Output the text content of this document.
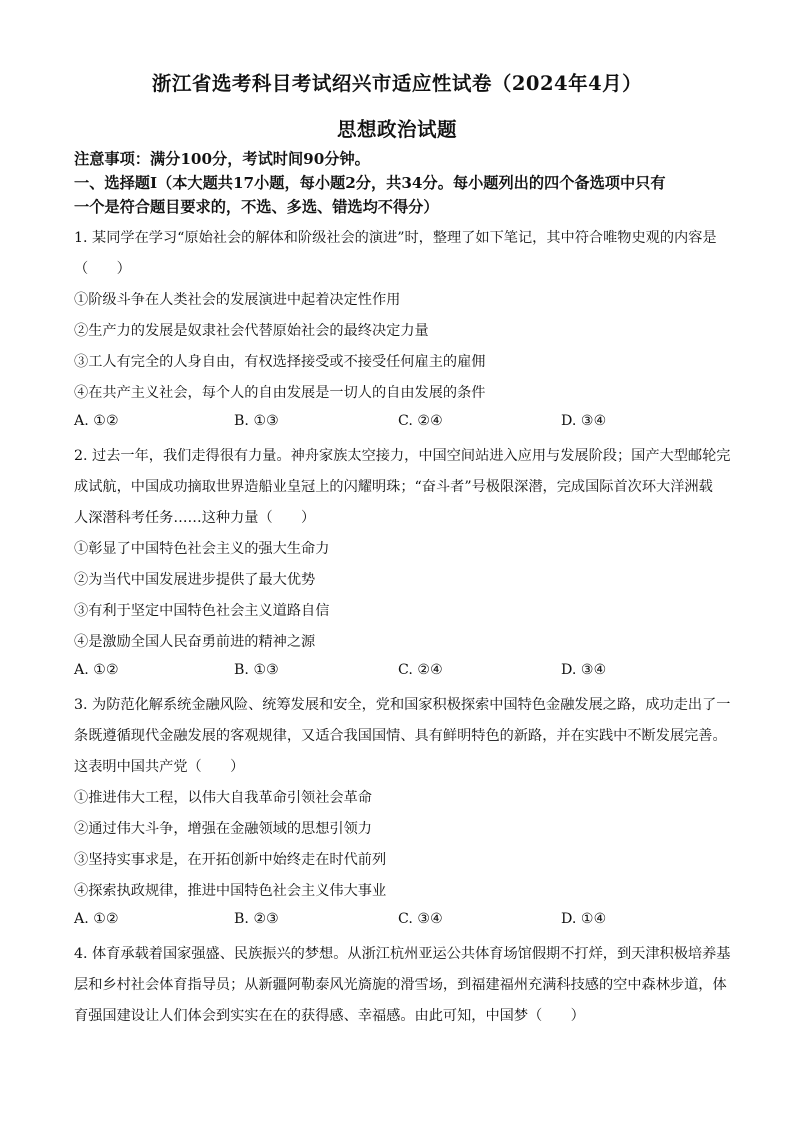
浙江省选考科目考试绍兴市适应性试卷（2024年4月）
思想政治试题
注意事项：满分100分，考试时间90分钟。
一、选择题Ⅰ（本大题共17小题，每小题2分，共34分。每小题列出的四个备选项中只有
一个是符合题目要求的，不选、多选、错选均不得分）
1. 某同学在学习“原始社会的解体和阶级社会的演进”时，整理了如下笔记，其中符合唯物史观的内容是
（　　）
①阶级斗争在人类社会的发展演进中起着决定性作用
②生产力的发展是奴隶社会代替原始社会的最终决定力量
③工人有完全的人身自由，有权选择接受或不接受任何雇主的雇佣
④在共产主义社会，每个人的自由发展是一切人的自由发展的条件
A. ①②	B. ①③	C. ②④	D. ③④
2. 过去一年，我们走得很有力量。神舟家族太空接力，中国空间站进入应用与发展阶段；国产大型邮轮完
成试航，中国成功摘取世界造船业皇冠上的闪耀明珠；“奋斗者”号极限深潜，完成国际首次环大洋洲载
人深潜科考任务……这种力量（　　）
①彰显了中国特色社会主义的强大生命力
②为当代中国发展进步提供了最大优势
③有利于坚定中国特色社会主义道路自信
④是激励全国人民奋勇前进的精神之源
A. ①②	B. ①③	C. ②④	D. ③④
3. 为防范化解系统金融风险、统筹发展和安全，党和国家积极探索中国特色金融发展之路，成功走出了一
条既遵循现代金融发展的客观规律，又适合我国国情、具有鲜明特色的新路，并在实践中不断发展完善。
这表明中国共产党（　　）
①推进伟大工程，以伟大自我革命引领社会革命
②通过伟大斗争，增强在金融领域的思想引领力
③坚持实事求是，在开拓创新中始终走在时代前列
④探索执政规律，推进中国特色社会主义伟大事业
A. ①②	B. ②③	C. ③④	D. ①④
4. 体育承载着国家强盛、民族振兴的梦想。从浙江杭州亚运公共体育场馆假期不打烊，到天津积极培养基
层和乡村社会体育指导员；从新疆阿勒泰风光旖旎的滑雪场，到福建福州充满科技感的空中森林步道，体
育强国建设让人们体会到实实在在的获得感、幸福感。由此可知，中国梦（　　）
